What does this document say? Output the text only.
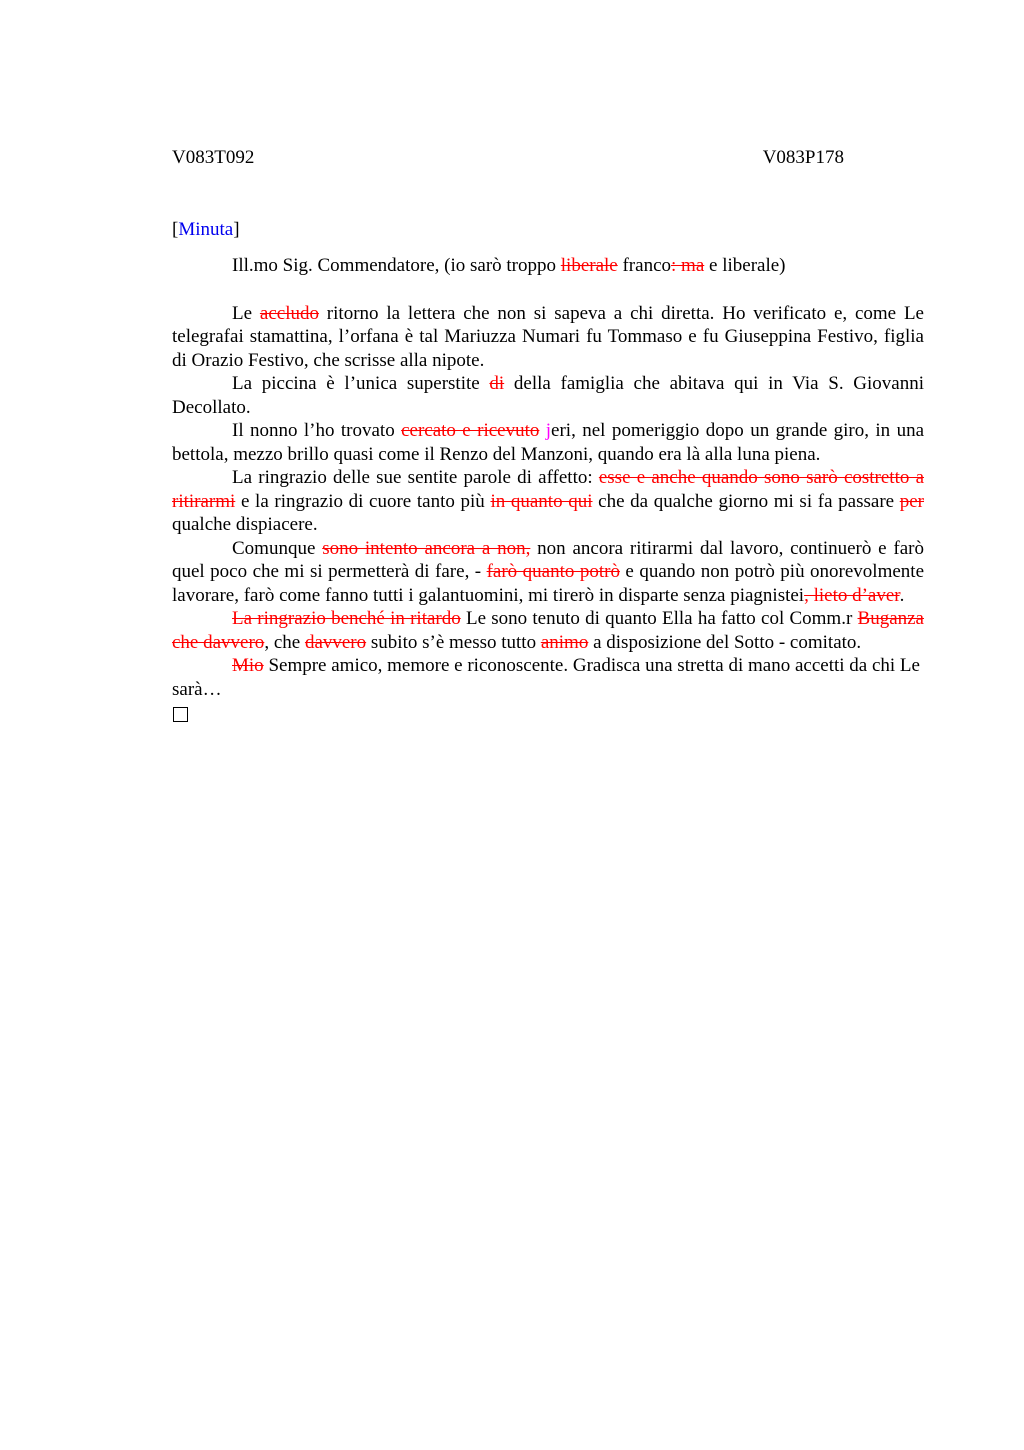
V083T092	V083P178
[Minuta]
Ill.mo Sig. Commendatore, (io sarò troppo liberale franco: ma e liberale)

Le accludo ritorno la lettera che non si sapeva a chi diretta. Ho verificato e, come Le telegrafai stamattina, l’orfana è tal Mariuzza Numari fu Tommaso e fu Giuseppina Festivo, figlia di Orazio Festivo, che scrisse alla nipote.

La piccina è l’unica superstite di della famiglia che abitava qui in Via S. Giovanni Decollato.

Il nonno l’ho trovato cercato e ricevuto jeri, nel pomeriggio dopo un grande giro, in una bettola, mezzo brillo quasi come il Renzo del Manzoni, quando era là alla luna piena.

La ringrazio delle sue sentite parole di affetto: esse e anche quando sono sarò costretto a ritirarmi e la ringrazio di cuore tanto più in quanto qui che da qualche giorno mi si fa passare per qualche dispiacere.

Comunque sono intento ancora a non, non ancora ritirarmi dal lavoro, continuerò e farò quel poco che mi si permetterà di fare, - farò quanto potrò e quando non potrò più onorevolmente lavorare, farò come fanno tutti i galantuomini, mi tirerò in disparte senza piagnistei, lieto d’aver.

La ringrazio benché in ritardo Le sono tenuto di quanto Ella ha fatto col Comm.r Buganza che davvero, che davvero subito s’è messo tutto animo a disposizione del Sotto - comitato.

Mio Sempre amico, memore e riconoscente. Gradisca una stretta di mano accetti da chi Le sarà…
